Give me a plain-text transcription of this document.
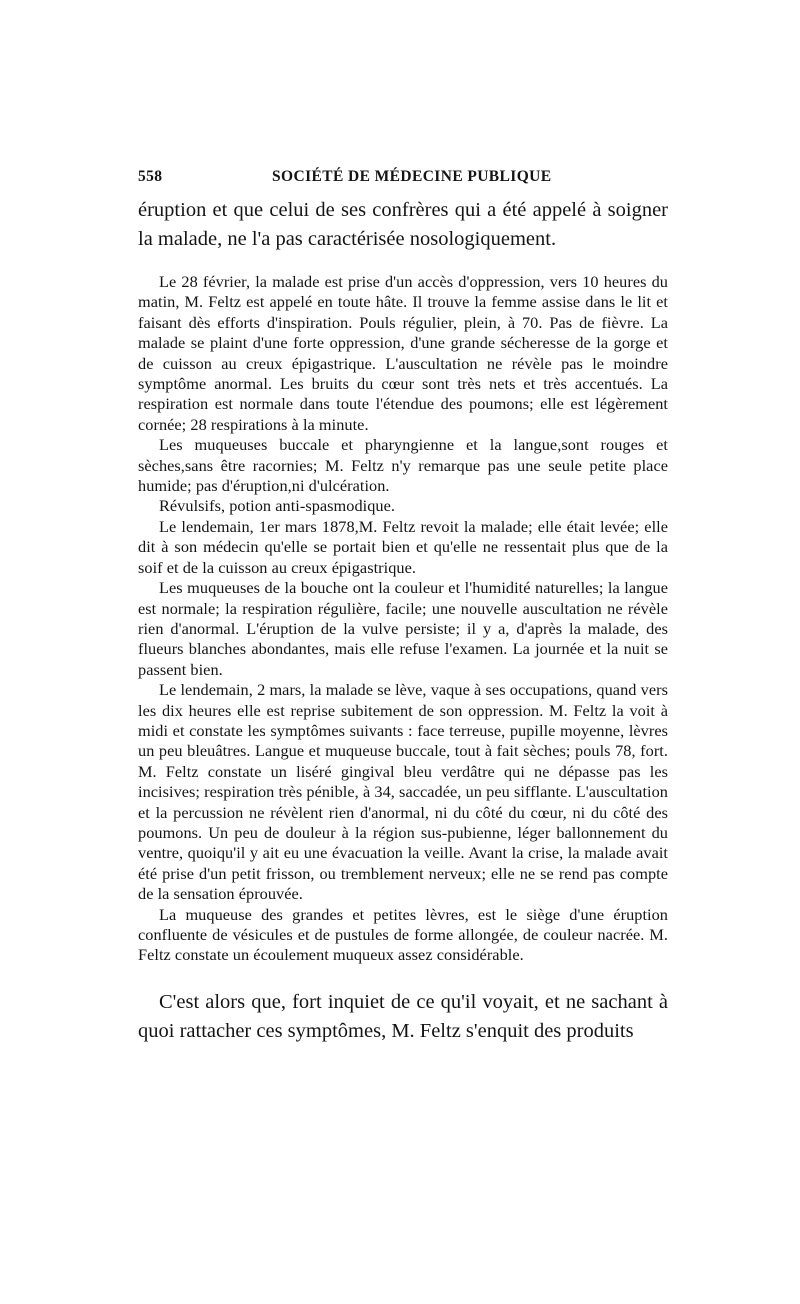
558	SOCIÉTÉ DE MÉDECINE PUBLIQUE

éruption et que celui de ses confrères qui a été appelé à soigner la malade, ne l'a pas caractérisée nosologiquement.

Le 28 février, la malade est prise d'un accès d'oppression, vers 10 heures du matin, M. Feltz est appelé en toute hâte. Il trouve la femme assise dans le lit et faisant dès efforts d'inspiration. Pouls régulier, plein, à 70. Pas de fièvre. La malade se plaint d'une forte oppression, d'une grande sécheresse de la gorge et de cuisson au creux épigastrique. L'auscultation ne révèle pas le moindre symptôme anormal. Les bruits du cœur sont très nets et très accentués. La respiration est normale dans toute l'étendue des poumons; elle est légèrement cornée; 28 respirations à la minute.

Les muqueuses buccale et pharyngienne et la langue,sont rouges et sèches,sans être racornies; M. Feltz n'y remarque pas une seule petite place humide; pas d'éruption,ni d'ulcération.

Révulsifs, potion anti-spasmodique.

Le lendemain, 1er mars 1878,M. Feltz revoit la malade; elle était levée; elle dit à son médecin qu'elle se portait bien et qu'elle ne ressentait plus que de la soif et de la cuisson au creux épigastrique.

Les muqueuses de la bouche ont la couleur et l'humidité naturelles; la langue est normale; la respiration régulière, facile; une nouvelle auscultation ne révèle rien d'anormal. L'éruption de la vulve persiste; il y a, d'après la malade, des flueurs blanches abondantes, mais elle refuse l'examen. La journée et la nuit se passent bien.

Le lendemain, 2 mars, la malade se lève, vaque à ses occupations, quand vers les dix heures elle est reprise subitement de son oppression. M. Feltz la voit à midi et constate les symptômes suivants : face terreuse, pupille moyenne, lèvres un peu bleuâtres. Langue et muqueuse buccale, tout à fait sèches; pouls 78, fort. M. Feltz constate un liséré gingival bleu verdâtre qui ne dépasse pas les incisives; respiration très pénible, à 34, saccadée, un peu sifflante. L'auscultation et la percussion ne révèlent rien d'anormal, ni du côté du cœur, ni du côté des poumons. Un peu de douleur à la région sus-pubienne, léger ballonnement du ventre, quoiqu'il y ait eu une évacuation la veille. Avant la crise, la malade avait été prise d'un petit frisson, ou tremblement nerveux; elle ne se rend pas compte de la sensation éprouvée.

La muqueuse des grandes et petites lèvres, est le siège d'une éruption confluente de vésicules et de pustules de forme allongée, de couleur nacrée. M. Feltz constate un écoulement muqueux assez considérable.

C'est alors que, fort inquiet de ce qu'il voyait, et ne sachant à quoi rattacher ces symptômes, M. Feltz s'enquit des produits
